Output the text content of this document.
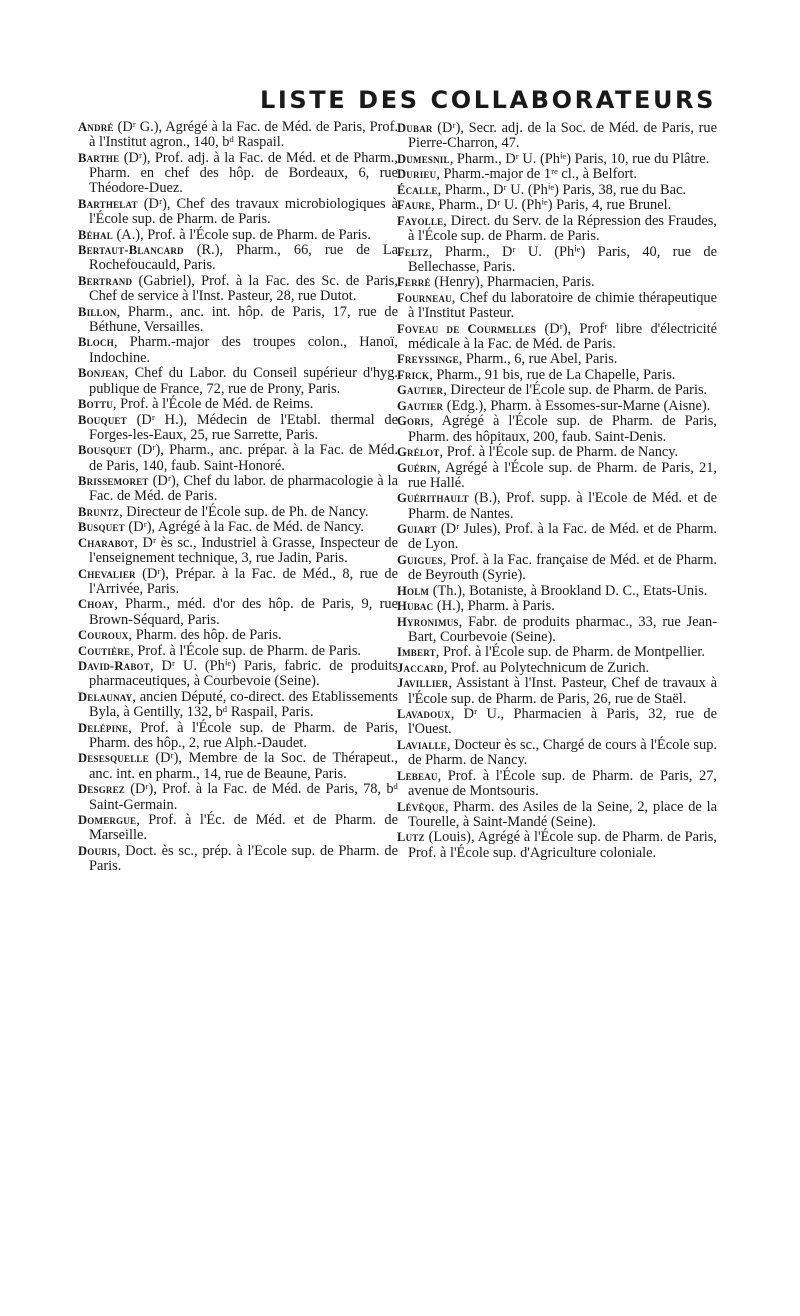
LISTE DES COLLABORATEURS

André (Dʳ G.), Agrégé à la Fac. de Méd. de Paris, Prof. à l'Institut agron., 140, bᵈ Raspail.

Barthe (Dʳ), Prof. adj. à la Fac. de Méd. et de Pharm., Pharm. en chef des hôp. de Bordeaux, 6, rue Théodore-Duez.

Barthelat (Dʳ), Chef des travaux microbiologiques à l'École sup. de Pharm. de Paris.

Béhal (A.), Prof. à l'École sup. de Pharm. de Paris.

Bertaut-Blancard (R.), Pharm., 66, rue de La Rochefoucauld, Paris.

Bertrand (Gabriel), Prof. à la Fac. des Sc. de Paris, Chef de service à l'Inst. Pasteur, 28, rue Dutot.

Billon, Pharm., anc. int. hôp. de Paris, 17, rue de Béthune, Versailles.

Bloch, Pharm.-major des troupes colon., Hanoï, Indochine.

Bonjean, Chef du Labor. du Conseil supérieur d'hyg. publique de France, 72, rue de Prony, Paris.

Bottu, Prof. à l'École de Méd. de Reims.

Bouquet (Dʳ H.), Médecin de l'Etabl. thermal de Forges-les-Eaux, 25, rue Sarrette, Paris.

Bousquet (Dʳ), Pharm., anc. prépar. à la Fac. de Méd. de Paris, 140, faub. Saint-Honoré.

Brissemoret (Dʳ), Chef du labor. de pharmacologie à la Fac. de Méd. de Paris.

Bruntz, Directeur de l'École sup. de Ph. de Nancy.

Busquet (Dʳ), Agrégé à la Fac. de Méd. de Nancy.

Charabot, Dʳ ès sc., Industriel à Grasse, Inspecteur de l'enseignement technique, 3, rue Jadin, Paris.

Chevalier (Dʳ), Prépar. à la Fac. de Méd., 8, rue de l'Arrivée, Paris.

Choay, Pharm., méd. d'or des hôp. de Paris, 9, rue Brown-Séquard, Paris.

Couroux, Pharm. des hôp. de Paris.

Coutière, Prof. à l'École sup. de Pharm. de Paris.

David-Rabot, Dʳ U. (Phⁱᵉ) Paris, fabric. de produits pharmaceutiques, à Courbevoie (Seine).

Delaunay, ancien Député, co-direct. des Etablissements Byla, à Gentilly, 132, bᵈ Raspail, Paris.

Delépine, Prof. à l'École sup. de Pharm. de Paris, Pharm. des hôp., 2, rue Alph.-Daudet.

Desesquelle (Dʳ), Membre de la Soc. de Thérapeut., anc. int. en pharm., 14, rue de Beaune, Paris.

Desgrez (Dʳ), Prof. à la Fac. de Méd. de Paris, 78, bᵈ Saint-Germain.

Domergue, Prof. à l'Éc. de Méd. et de Pharm. de Marseille.

Douris, Doct. ès sc., prép. à l'Ecole sup. de Pharm. de Paris.

Dubar (Dʳ), Secr. adj. de la Soc. de Méd. de Paris, rue Pierre-Charron, 47.

Dumesnil, Pharm., Dʳ U. (Phⁱᵉ) Paris, 10, rue du Plâtre.

Durieu, Pharm.-major de 1ʳᵉ cl., à Belfort.

Écalle, Pharm., Dʳ U. (Phⁱᵉ) Paris, 38, rue du Bac.

Faure, Pharm., Dʳ U. (Phⁱᵉ) Paris, 4, rue Brunel.

Fayolle, Direct. du Serv. de la Répression des Fraudes, à l'École sup. de Pharm. de Paris.

Feltz, Pharm., Dʳ U. (Phⁱᵉ) Paris, 40, rue de Bellechasse, Paris.

Ferré (Henry), Pharmacien, Paris.

Fourneau, Chef du laboratoire de chimie thérapeutique à l'Institut Pasteur.

Foveau de Courmelles (Dʳ), Profʳ libre d'électricité médicale à la Fac. de Méd. de Paris.

Freyssinge, Pharm., 6, rue Abel, Paris.

Frick, Pharm., 91 bis, rue de La Chapelle, Paris.

Gautier, Directeur de l'École sup. de Pharm. de Paris.

Gautier (Edg.), Pharm. à Essomes-sur-Marne (Aisne).

Goris, Agrégé à l'École sup. de Pharm. de Paris, Pharm. des hôpitaux, 200, faub. Saint-Denis.

Grélot, Prof. à l'École sup. de Pharm. de Nancy.

Guérin, Agrégé à l'École sup. de Pharm. de Paris, 21, rue Hallé.

Guérithault (B.), Prof. supp. à l'Ecole de Méd. et de Pharm. de Nantes.

Guiart (Dʳ Jules), Prof. à la Fac. de Méd. et de Pharm. de Lyon.

Guigues, Prof. à la Fac. française de Méd. et de Pharm. de Beyrouth (Syrie).

Holm (Th.), Botaniste, à Brookland D. C., Etats-Unis.

Hubac (H.), Pharm. à Paris.

Hyronimus, Fabr. de produits pharmac., 33, rue Jean-Bart, Courbevoie (Seine).

Imbert, Prof. à l'École sup. de Pharm. de Montpellier.

Jaccard, Prof. au Polytechnicum de Zurich.

Javillier, Assistant à l'Inst. Pasteur, Chef de travaux à l'École sup. de Pharm. de Paris, 26, rue de Staël.

Lavadoux, Dʳ U., Pharmacien à Paris, 32, rue de l'Ouest.

Lavialle, Docteur ès sc., Chargé de cours à l'École sup. de Pharm. de Nancy.

Lebeau, Prof. à l'École sup. de Pharm. de Paris, 27, avenue de Montsouris.

Lévêque, Pharm. des Asiles de la Seine, 2, place de la Tourelle, à Saint-Mandé (Seine).

Lutz (Louis), Agrégé à l'École sup. de Pharm. de Paris, Prof. à l'École sup. d'Agriculture coloniale.
